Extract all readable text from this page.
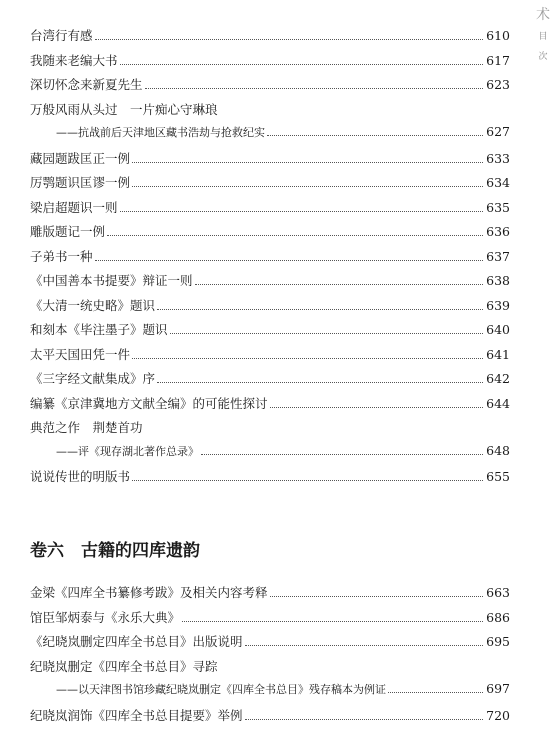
术
目
次
台湾行有感	610
我随来老编大书	617
深切怀念来新夏先生	623
万般风雨从头过　一片痴心守琳琅
——抗战前后天津地区藏书浩劫与抢救纪实	627
藏园题跋匡正一例	633
厉鹗题识匡谬一例	634
梁启超题识一则	635
雕版题记一例	636
子弟书一种	637
《中国善本书提要》辩证一则	638
《大清一统史略》题识	639
和刻本《毕注墨子》题识	640
太平天国田凭一件	641
《三字经文献集成》序	642
编纂《京津冀地方文献全编》的可能性探讨	644
典范之作　荆楚首功
——评《现存湖北著作总录》	648
说说传世的明版书	655
卷六　古籍的四库遗韵
金梁《四库全书纂修考跋》及相关内容考释	663
馆臣邹炳泰与《永乐大典》	686
《纪晓岚删定四库全书总目》出版说明	695
纪晓岚删定《四库全书总目》寻踪
——以天津图书馆珍藏纪晓岚删定《四库全书总目》残存稿本为例证	697
纪晓岚润饰《四库全书总目提要》举例	720
